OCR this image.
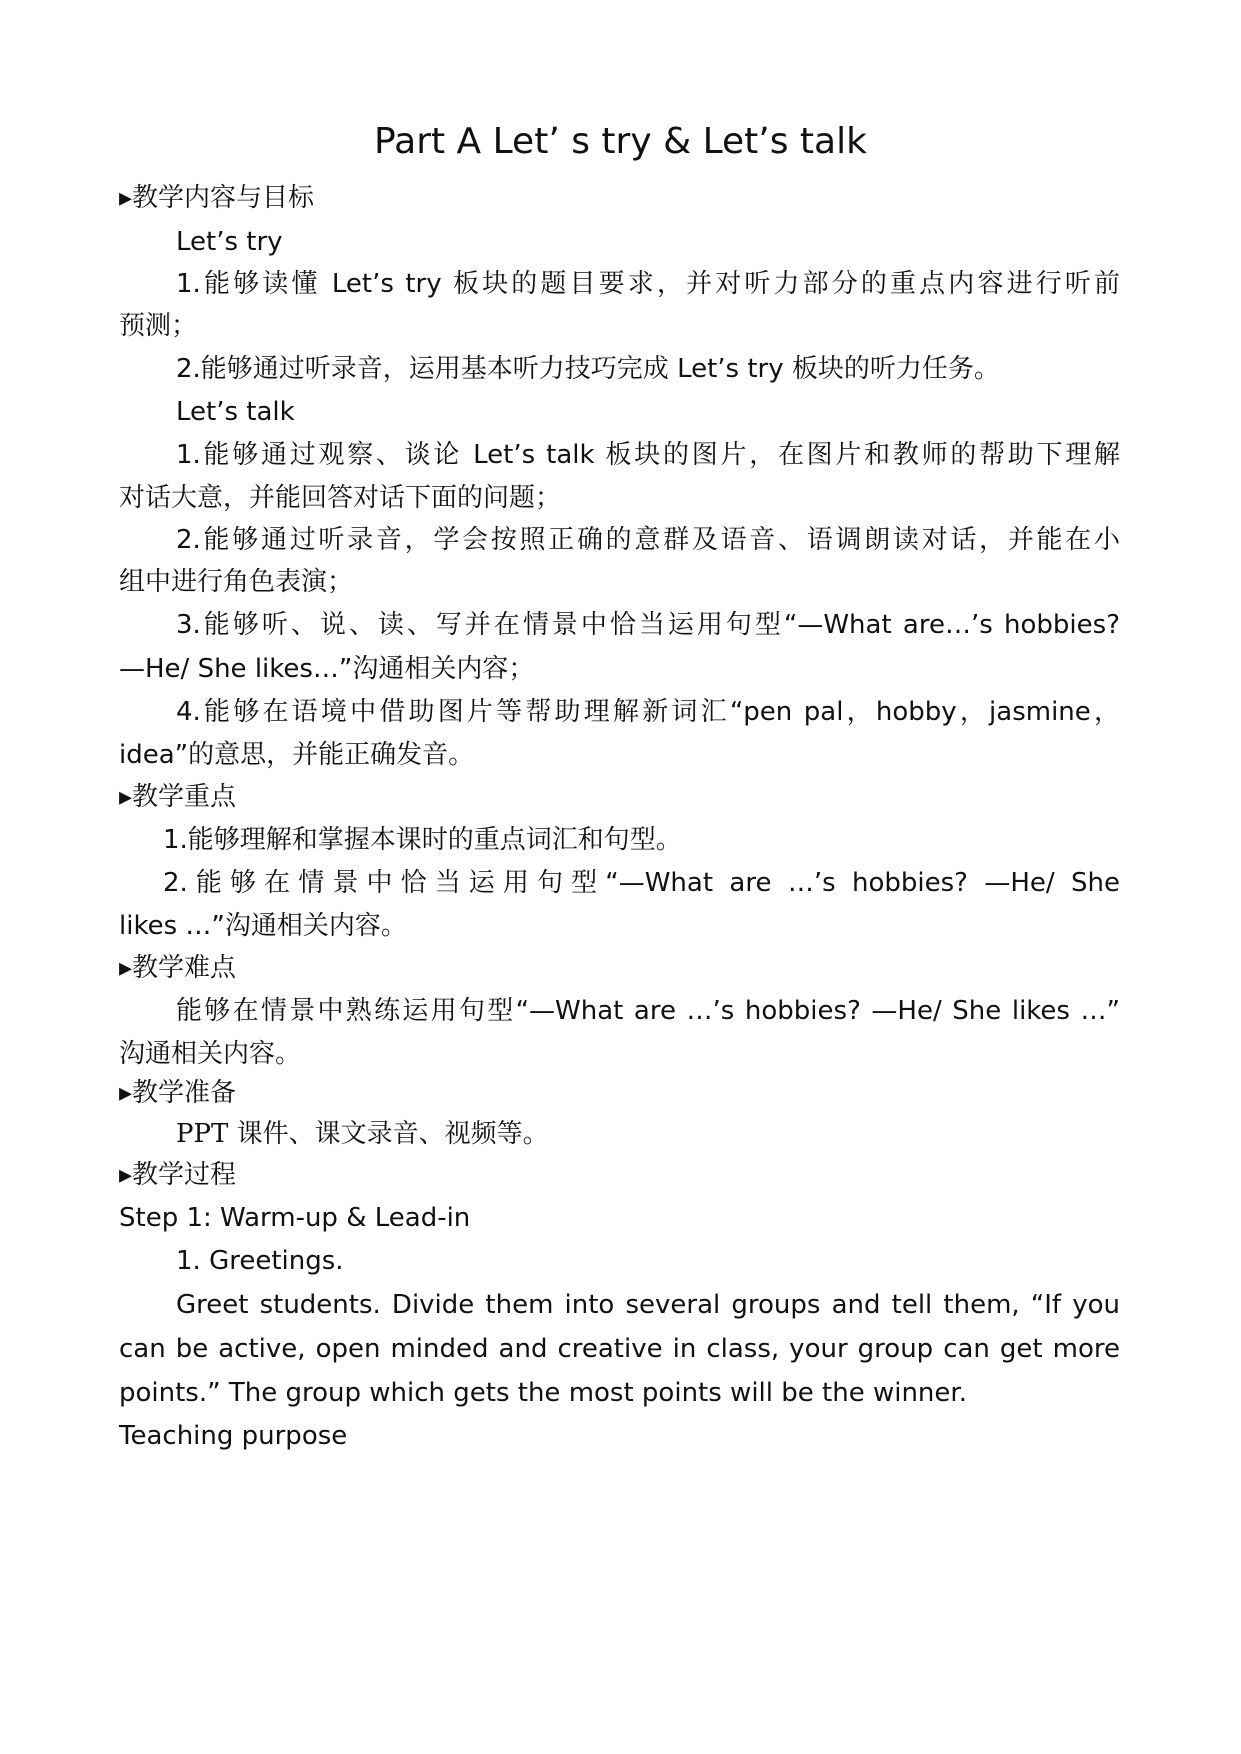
Part A Let’ s try & Let’s talk
▸教学内容与目标
Let’s try
1.能够读懂 Let’s try 板块的题目要求，并对听力部分的重点内容进行听前
预测；
2.能够通过听录音，运用基本听力技巧完成 Let’s try 板块的听力任务。
Let’s talk
1.能够通过观察、谈论 Let’s talk 板块的图片，在图片和教师的帮助下理解
对话大意，并能回答对话下面的问题；
2.能够通过听录音，学会按照正确的意群及语音、语调朗读对话，并能在小
组中进行角色表演；
3.能够听、说、读、写并在情景中恰当运用句型“—What are…’s hobbies?
—He/ She likes…”沟通相关内容；
4.能够在语境中借助图片等帮助理解新词汇“pen pal，hobby，jasmine，
idea”的意思，并能正确发音。
▸教学重点
1.能够理解和掌握本课时的重点词汇和句型。
2.能够在情景中恰当运用句型“—What are …’s hobbies? —He/ She
likes …”沟通相关内容。
▸教学难点
能够在情景中熟练运用句型“—What are …’s hobbies? —He/ She likes …”
沟通相关内容。
▸教学准备
PPT 课件、课文录音、视频等。
▸教学过程
Step 1: Warm-up & Lead-in
1. Greetings.
Greet students. Divide them into several groups and tell them, “If you
can be active, open minded and creative in class, your group can get more
points.” The group which gets the most points will be the winner.
Teaching purpose
